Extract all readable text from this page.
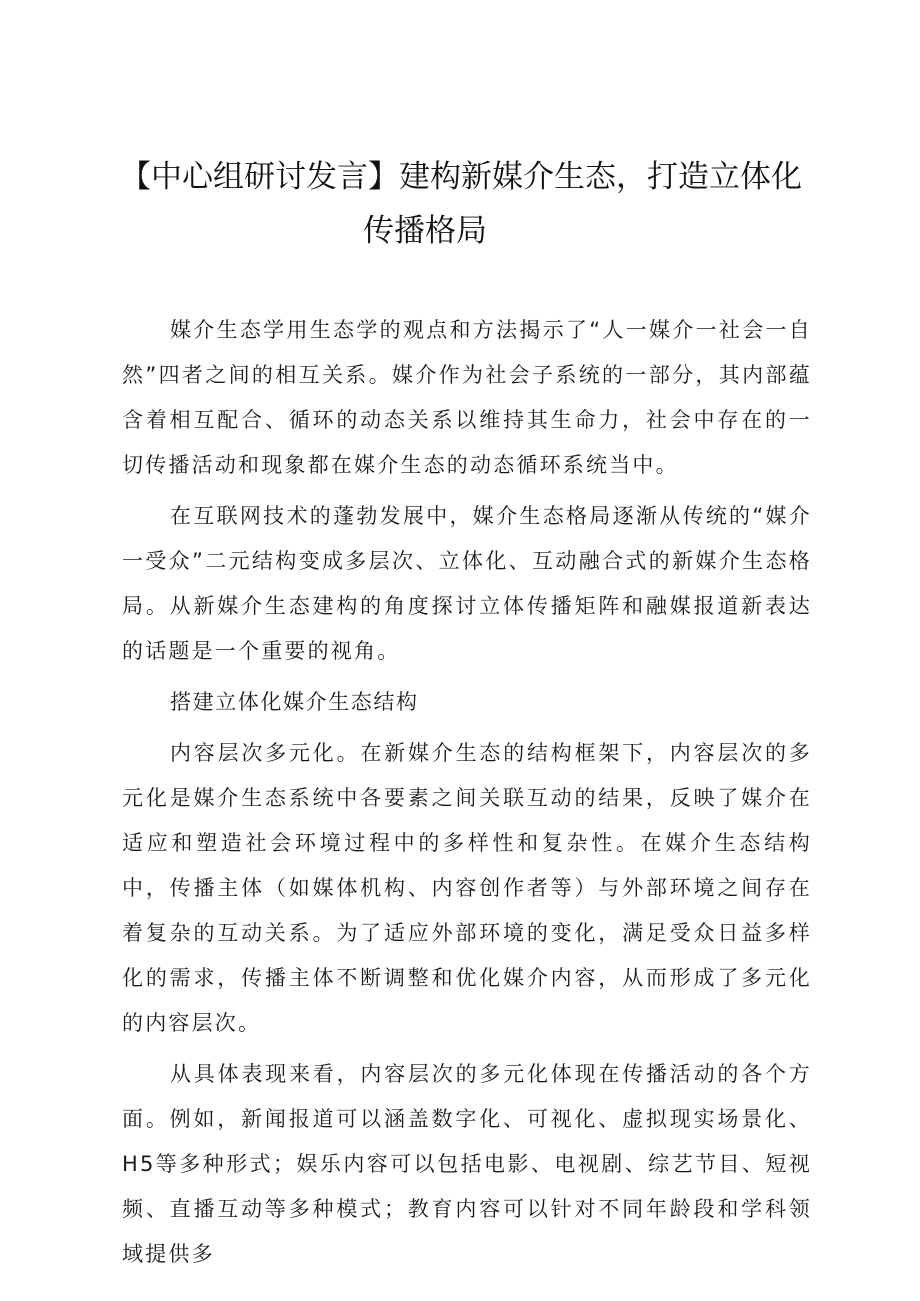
【中心组研讨发言】建构新媒介生态，打造立体化
传播格局

媒介生态学用生态学的观点和方法揭示了“人一媒介一社会一自然”四者之间的相互关系。媒介作为社会子系统的一部分，其内部蕴含着相互配合、循环的动态关系以维持其生命力，社会中存在的一切传播活动和现象都在媒介生态的动态循环系统当中。

在互联网技术的蓬勃发展中，媒介生态格局逐渐从传统的“媒介一受众”二元结构变成多层次、立体化、互动融合式的新媒介生态格局。从新媒介生态建构的角度探讨立体传播矩阵和融媒报道新表达的话题是一个重要的视角。

搭建立体化媒介生态结构

内容层次多元化。在新媒介生态的结构框架下，内容层次的多元化是媒介生态系统中各要素之间关联互动的结果，反映了媒介在适应和塑造社会环境过程中的多样性和复杂性。在媒介生态结构中，传播主体（如媒体机构、内容创作者等）与外部环境之间存在着复杂的互动关系。为了适应外部环境的变化，满足受众日益多样化的需求，传播主体不断调整和优化媒介内容，从而形成了多元化的内容层次。

从具体表现来看，内容层次的多元化体现在传播活动的各个方面。例如，新闻报道可以涵盖数字化、可视化、虚拟现实场景化、H5等多种形式；娱乐内容可以包括电影、电视剧、综艺节目、短视频、直播互动等多种模式；教育内容可以针对不同年龄段和学科领域提供多
